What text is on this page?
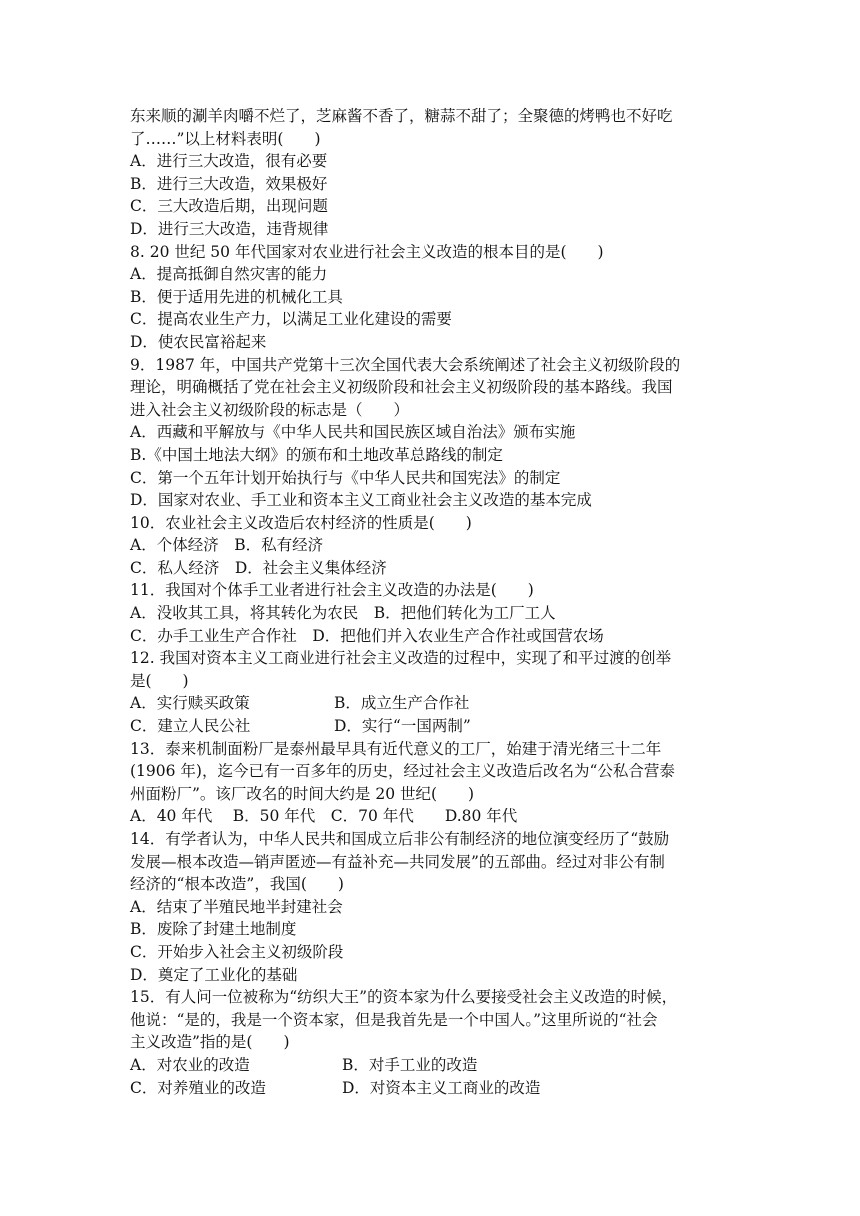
东来顺的涮羊肉嚼不烂了，芝麻酱不香了，糖蒜不甜了；全聚德的烤鸭也不好吃
了……”以上材料表明(　　)
A．进行三大改造，很有必要
B．进行三大改造，效果极好
C．三大改造后期，出现问题
D．进行三大改造，违背规律
8. 20 世纪 50 年代国家对农业进行社会主义改造的根本目的是(　　)
A．提高抵御自然灾害的能力
B．便于适用先进的机械化工具
C．提高农业生产力，以满足工业化建设的需要
D．使农民富裕起来
9．1987 年，中国共产党第十三次全国代表大会系统阐述了社会主义初级阶段的
理论，明确概括了党在社会主义初级阶段和社会主义初级阶段的基本路线。我国
进入社会主义初级阶段的标志是（　　）
A．西藏和平解放与《中华人民共和国民族区域自治法》颁布实施
B.《中国土地法大纲》的颁布和土地改革总路线的制定
C．第一个五年计划开始执行与《中华人民共和国宪法》的制定
D．国家对农业、手工业和资本主义工商业社会主义改造的基本完成
10．农业社会主义改造后农村经济的性质是(　　)
A．个体经济　B．私有经济
C．私人经济　D．社会主义集体经济
11．我国对个体手工业者进行社会主义改造的办法是(　　)
A．没收其工具，将其转化为农民　B．把他们转化为工厂工人
C．办手工业生产合作社　D．把他们并入农业生产合作社或国营农场
12. 我国对资本主义工商业进行社会主义改造的过程中，实现了和平过渡的创举
是(　　)
A．实行赎买政策	B．成立生产合作社
C．建立人民公社	D．实行“一国两制”
13．泰来机制面粉厂是泰州最早具有近代意义的工厂，始建于清光绪三十二年
(1906 年)，迄今已有一百多年的历史，经过社会主义改造后改名为“公私合营泰
州面粉厂”。该厂改名的时间大约是 20 世纪(　　)
A．40 年代　 B．50 年代　C．70 年代　　D.80 年代
14．有学者认为，中华人民共和国成立后非公有制经济的地位演变经历了“鼓励
发展—根本改造—销声匿迹—有益补充—共同发展”的五部曲。经过对非公有制
经济的“根本改造”，我国(　　)
A．结束了半殖民地半封建社会
B．废除了封建土地制度
C．开始步入社会主义初级阶段
D．奠定了工业化的基础
15．有人问一位被称为“纺织大王”的资本家为什么要接受社会主义改造的时候，
他说：“是的，我是一个资本家，但是我首先是一个中国人。”这里所说的“社会
主义改造”指的是(　　)
A．对农业的改造	B．对手工业的改造
C．对养殖业的改造	D．对资本主义工商业的改造
